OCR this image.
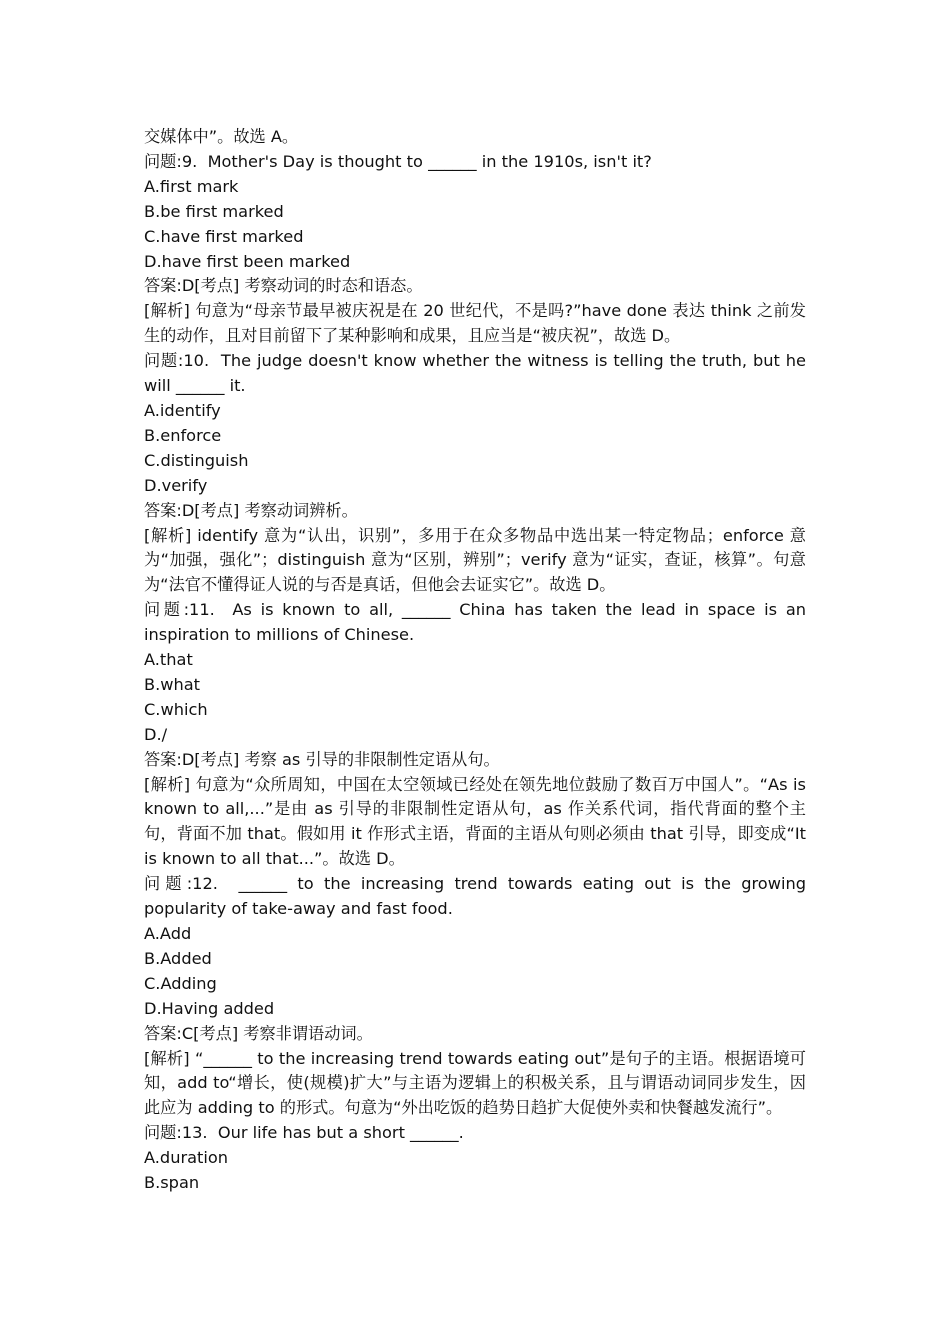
交媒体中”。故选 A。

问题:9.  Mother's Day is thought to ______ in the 1910s, isn't it?

A.first mark

B.be first marked

C.have first marked

D.have first been marked

答案:D[考点] 考察动词的时态和语态。

[解析] 句意为“母亲节最早被庆祝是在 20 世纪代，不是吗?”have done 表达 think 之前发生的动作，且对目前留下了某种影响和成果，且应当是“被庆祝”，故选 D。

问题:10.  The judge doesn't know whether the witness is telling the truth, but he will ______ it.

A.identify

B.enforce

C.distinguish

D.verify

答案:D[考点] 考察动词辨析。

[解析] identify 意为“认出，识别”，多用于在众多物品中选出某一特定物品；enforce 意为“加强，强化”；distinguish 意为“区别，辨别”；verify 意为“证实，查证，核算”。句意为“法官不懂得证人说的与否是真话，但他会去证实它”。故选 D。

问题:11.  As is known to all, ______ China has taken the lead in space is an inspiration to millions of Chinese.

A.that

B.what

C.which

D./

答案:D[考点] 考察 as 引导的非限制性定语从句。

[解析] 句意为“众所周知，中国在太空领域已经处在领先地位鼓励了数百万中国人”。“As is known to all,...”是由 as 引导的非限制性定语从句，as 作关系代词，指代背面的整个主句，背面不加 that。假如用 it 作形式主语，背面的主语从句则必须由 that 引导，即变成“It is known to all that...”。故选 D。

问题:12.  ______ to the increasing trend towards eating out is the growing popularity of take-away and fast food.

A.Add

B.Added

C.Adding

D.Having added

答案:C[考点] 考察非谓语动词。

[解析] “______ to the increasing trend towards eating out”是句子的主语。根据语境可知，add to“增长，使(规模)扩大”与主语为逻辑上的积极关系，且与谓语动词同步发生，因此应为 adding to 的形式。句意为“外出吃饭的趋势日趋扩大促使外卖和快餐越发流行”。

问题:13.  Our life has but a short ______.

A.duration

B.span
